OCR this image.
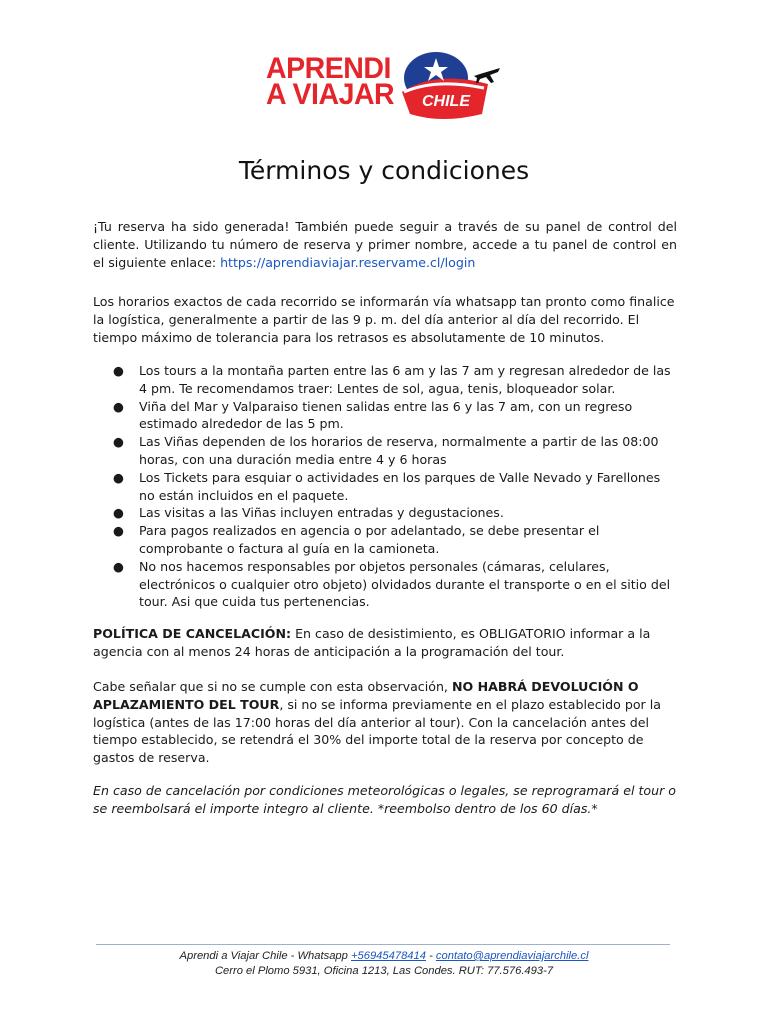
APRENDI
A VIAJAR CHILE
Términos y condiciones

¡Tu reserva ha sido generada! También puede seguir a través de su panel de control del cliente. Utilizando tu número de reserva y primer nombre, accede a tu panel de control en el siguiente enlace: https://aprendiaviajar.reservame.cl/login

Los horarios exactos de cada recorrido se informarán vía whatsapp tan pronto como finalice la logística, generalmente a partir de las 9 p. m. del día anterior al día del recorrido. El tiempo máximo de tolerancia para los retrasos es absolutamente de 10 minutos.

● Los tours a la montaña parten entre las 6 am y las 7 am y regresan alrededor de las 4 pm. Te recomendamos traer: Lentes de sol, agua, tenis, bloqueador solar.
● Viña del Mar y Valparaiso tienen salidas entre las 6 y las 7 am, con un regreso estimado alrededor de las 5 pm.
● Las Viñas dependen de los horarios de reserva, normalmente a partir de las 08:00 horas, con una duración media entre 4 y 6 horas
● Los Tickets para esquiar o actividades en los parques de Valle Nevado y Farellones no están incluidos en el paquete.
● Las visitas a las Viñas incluyen entradas y degustaciones.
● Para pagos realizados en agencia o por adelantado, se debe presentar el comprobante o factura al guía en la camioneta.
● No nos hacemos responsables por objetos personales (cámaras, celulares, electrónicos o cualquier otro objeto) olvidados durante el transporte o en el sitio del tour. Asi que cuida tus pertenencias.

POLÍTICA DE CANCELACIÓN: En caso de desistimiento, es OBLIGATORIO informar a la agencia con al menos 24 horas de anticipación a la programación del tour.

Cabe señalar que si no se cumple con esta observación, NO HABRÁ DEVOLUCIÓN O APLAZAMIENTO DEL TOUR, si no se informa previamente en el plazo establecido por la logística (antes de las 17:00 horas del día anterior al tour). Con la cancelación antes del tiempo establecido, se retendrá el 30% del importe total de la reserva por concepto de gastos de reserva.

En caso de cancelación por condiciones meteorológicas o legales, se reprogramará el tour o se reembolsará el importe integro al cliente. *reembolso dentro de los 60 días.*

Aprendi a Viajar Chile - Whatsapp +56945478414 - contato@aprendiaviajarchile.cl
Cerro el Plomo 5931, Oficina 1213, Las Condes. RUT: 77.576.493-7
